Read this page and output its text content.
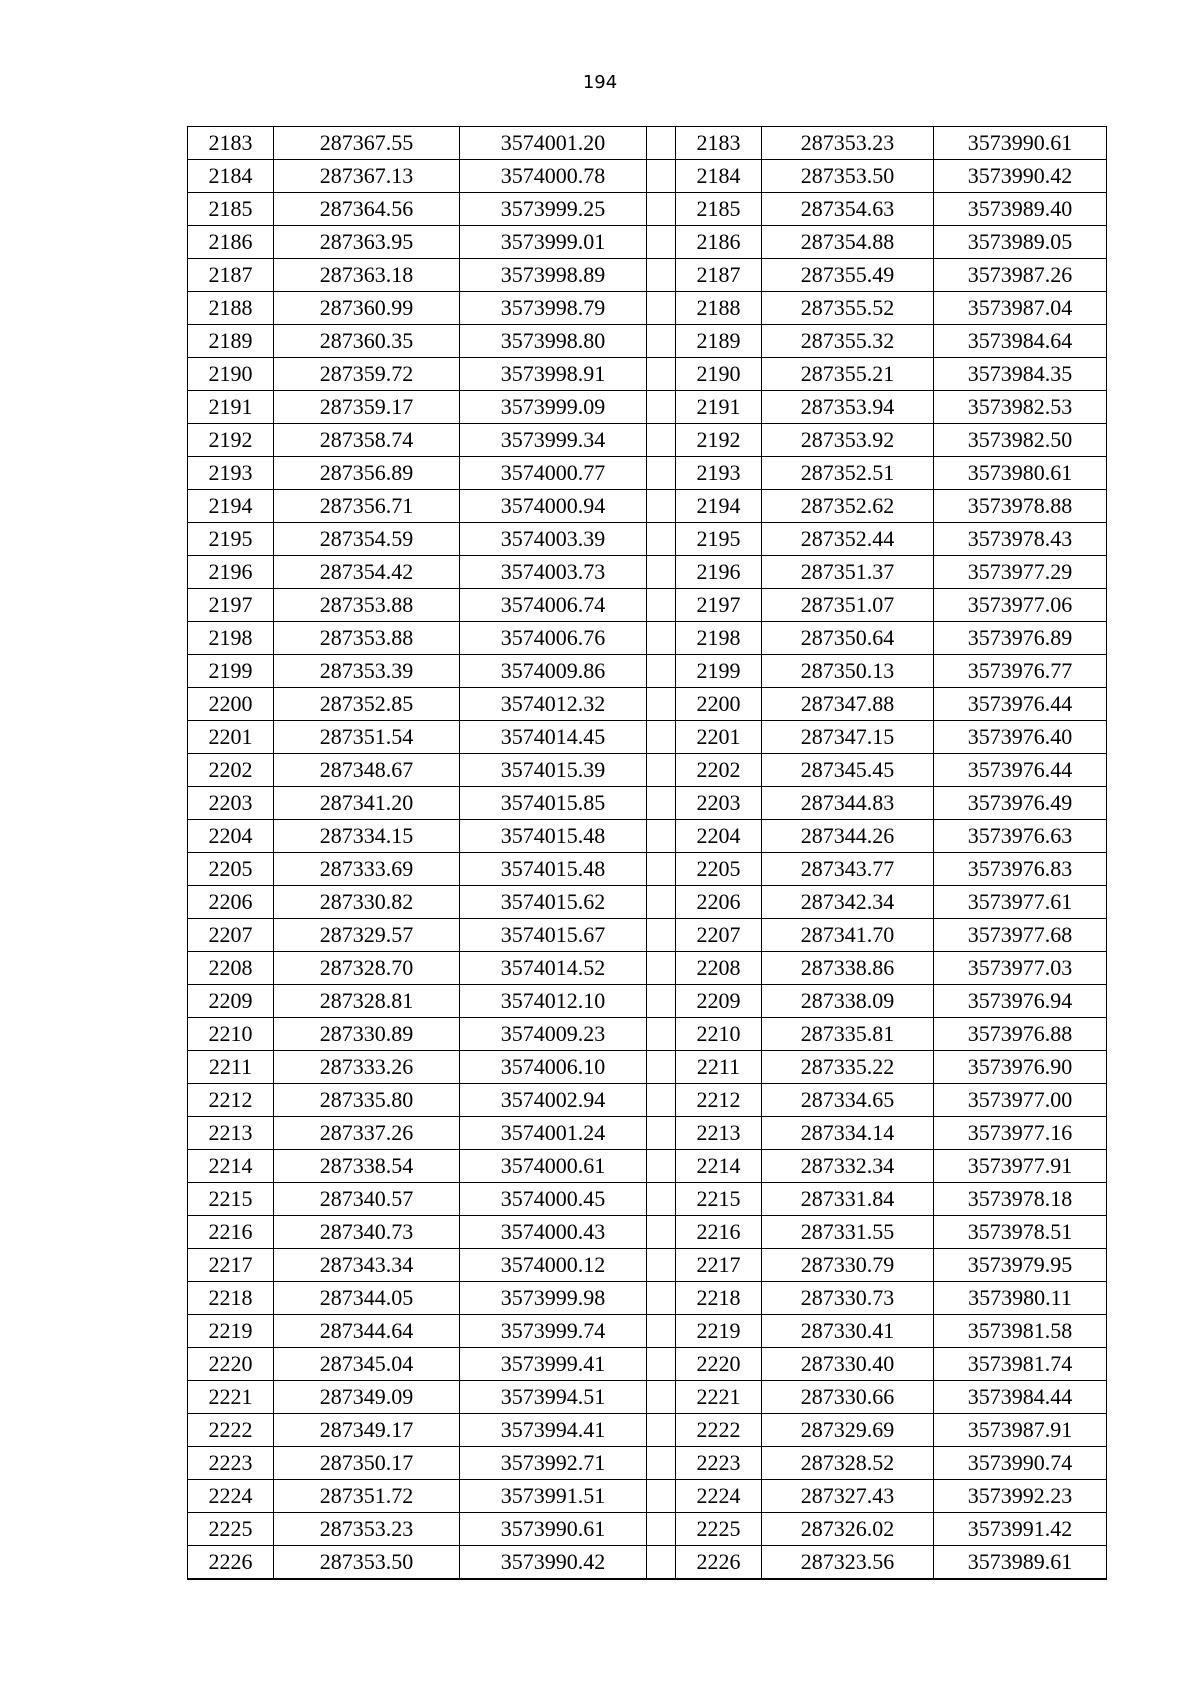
194
2183	287367.55	3574001.20		2183	287353.23	3573990.61
2184	287367.13	3574000.78		2184	287353.50	3573990.42
2185	287364.56	3573999.25		2185	287354.63	3573989.40
2186	287363.95	3573999.01		2186	287354.88	3573989.05
2187	287363.18	3573998.89		2187	287355.49	3573987.26
2188	287360.99	3573998.79		2188	287355.52	3573987.04
2189	287360.35	3573998.80		2189	287355.32	3573984.64
2190	287359.72	3573998.91		2190	287355.21	3573984.35
2191	287359.17	3573999.09		2191	287353.94	3573982.53
2192	287358.74	3573999.34		2192	287353.92	3573982.50
2193	287356.89	3574000.77		2193	287352.51	3573980.61
2194	287356.71	3574000.94		2194	287352.62	3573978.88
2195	287354.59	3574003.39		2195	287352.44	3573978.43
2196	287354.42	3574003.73		2196	287351.37	3573977.29
2197	287353.88	3574006.74		2197	287351.07	3573977.06
2198	287353.88	3574006.76		2198	287350.64	3573976.89
2199	287353.39	3574009.86		2199	287350.13	3573976.77
2200	287352.85	3574012.32		2200	287347.88	3573976.44
2201	287351.54	3574014.45		2201	287347.15	3573976.40
2202	287348.67	3574015.39		2202	287345.45	3573976.44
2203	287341.20	3574015.85		2203	287344.83	3573976.49
2204	287334.15	3574015.48		2204	287344.26	3573976.63
2205	287333.69	3574015.48		2205	287343.77	3573976.83
2206	287330.82	3574015.62		2206	287342.34	3573977.61
2207	287329.57	3574015.67		2207	287341.70	3573977.68
2208	287328.70	3574014.52		2208	287338.86	3573977.03
2209	287328.81	3574012.10		2209	287338.09	3573976.94
2210	287330.89	3574009.23		2210	287335.81	3573976.88
2211	287333.26	3574006.10		2211	287335.22	3573976.90
2212	287335.80	3574002.94		2212	287334.65	3573977.00
2213	287337.26	3574001.24		2213	287334.14	3573977.16
2214	287338.54	3574000.61		2214	287332.34	3573977.91
2215	287340.57	3574000.45		2215	287331.84	3573978.18
2216	287340.73	3574000.43		2216	287331.55	3573978.51
2217	287343.34	3574000.12		2217	287330.79	3573979.95
2218	287344.05	3573999.98		2218	287330.73	3573980.11
2219	287344.64	3573999.74		2219	287330.41	3573981.58
2220	287345.04	3573999.41		2220	287330.40	3573981.74
2221	287349.09	3573994.51		2221	287330.66	3573984.44
2222	287349.17	3573994.41		2222	287329.69	3573987.91
2223	287350.17	3573992.71		2223	287328.52	3573990.74
2224	287351.72	3573991.51		2224	287327.43	3573992.23
2225	287353.23	3573990.61		2225	287326.02	3573991.42
2226	287353.50	3573990.42		2226	287323.56	3573989.61
